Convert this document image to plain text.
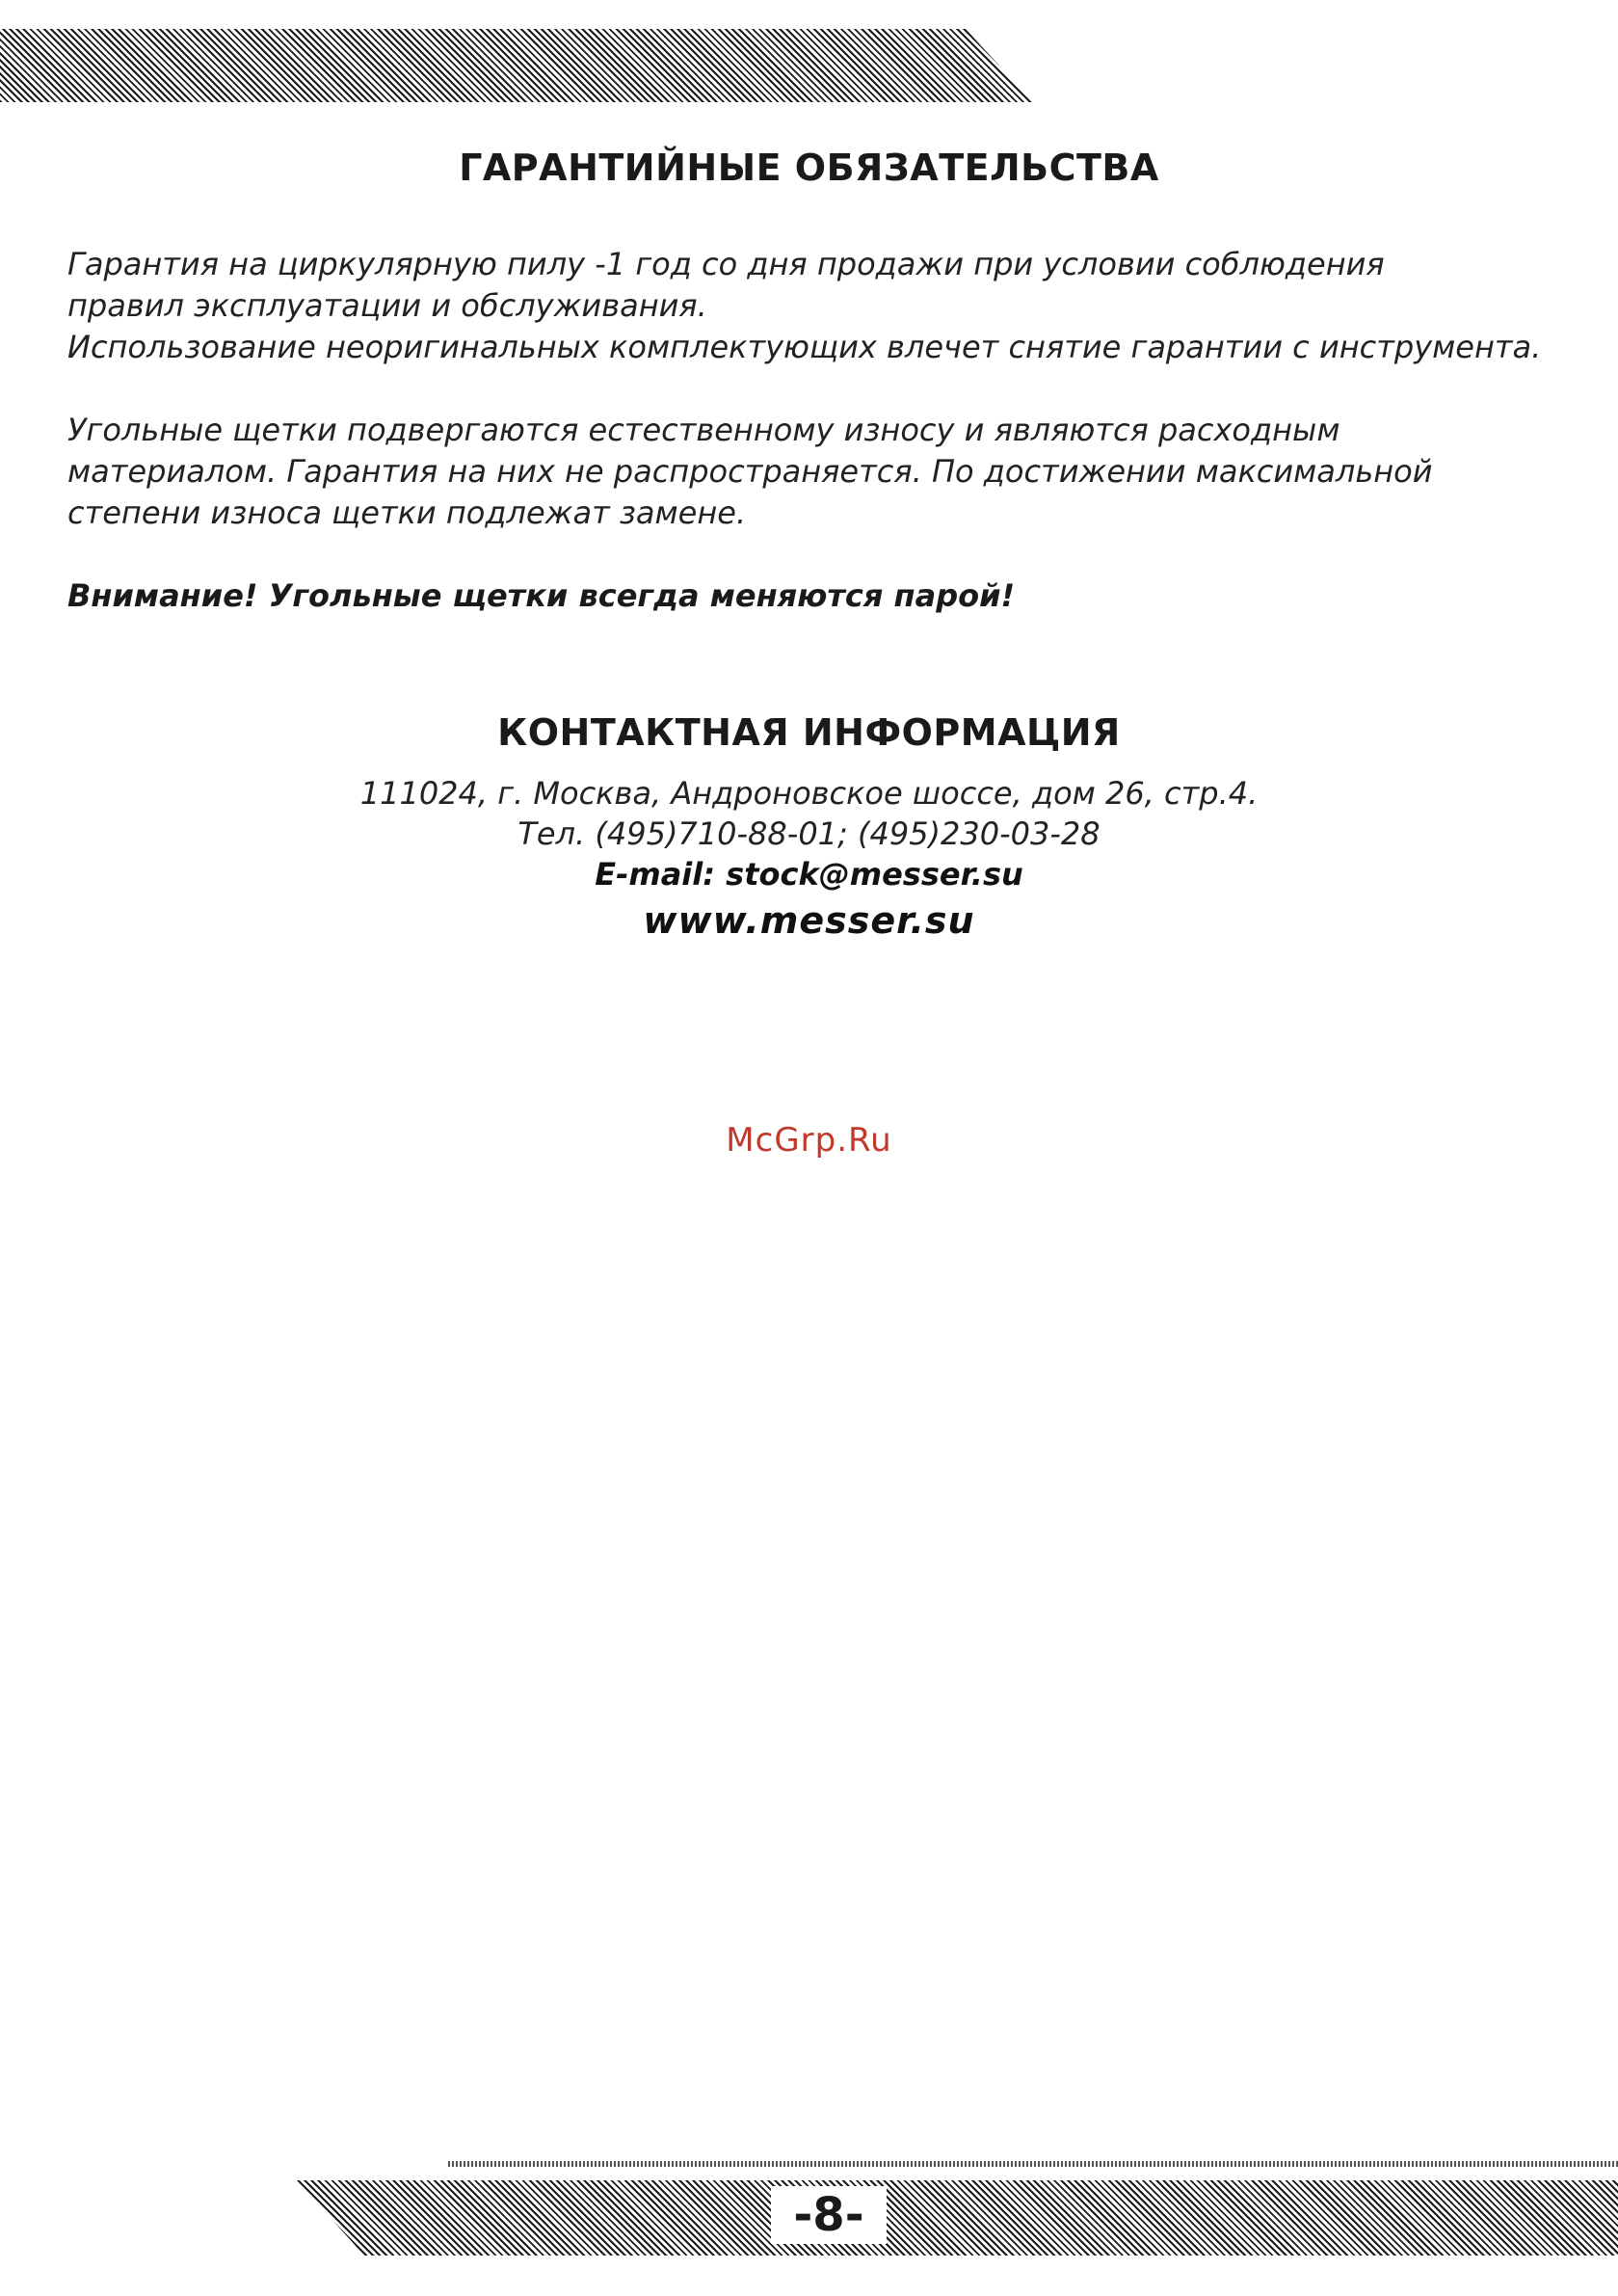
ГАРАНТИЙНЫЕ ОБЯЗАТЕЛЬСТВА
Гарантия на циркулярную пилу -1 год со дня продажи при условии соблюдения
правил эксплуатации и обслуживания.
Использование неоригинальных комплектующих влечет снятие гарантии с инструмента.
Угольные щетки подвергаются естественному износу и являются расходным
материалом. Гарантия на них не распространяется. По достижении максимальной
степени износа щетки подлежат замене.
Внимание! Угольные щетки всегда меняются парой!
КОНТАКТНАЯ ИНФОРМАЦИЯ
111024, г. Москва, Андроновское шоссе, дом 26, стр.4.
Тел. (495)710-88-01; (495)230-03-28
E-mail: stock@messer.su
www.messer.su
McGrp.Ru
-8-
